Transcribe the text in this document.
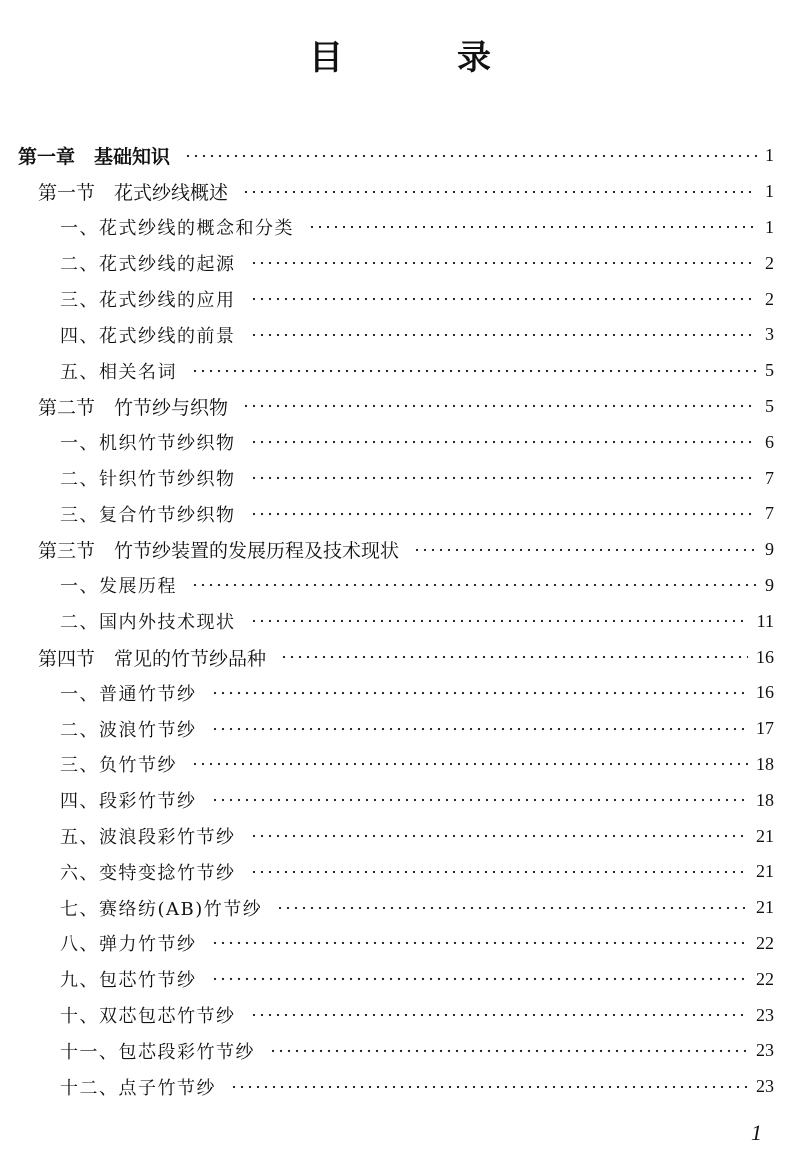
目　录
第一章　基础知识	1
第一节　花式纱线概述	1
一、花式纱线的概念和分类	1
二、花式纱线的起源	2
三、花式纱线的应用	2
四、花式纱线的前景	3
五、相关名词	5
第二节　竹节纱与织物	5
一、机织竹节纱织物	6
二、针织竹节纱织物	7
三、复合竹节纱织物	7
第三节　竹节纱装置的发展历程及技术现状	9
一、发展历程	9
二、国内外技术现状	11
第四节　常见的竹节纱品种	16
一、普通竹节纱	16
二、波浪竹节纱	17
三、负竹节纱	18
四、段彩竹节纱	18
五、波浪段彩竹节纱	21
六、变特变捻竹节纱	21
七、赛络纺(AB)竹节纱	21
八、弹力竹节纱	22
九、包芯竹节纱	22
十、双芯包芯竹节纱	23
十一、包芯段彩竹节纱	23
十二、点子竹节纱	23
1
